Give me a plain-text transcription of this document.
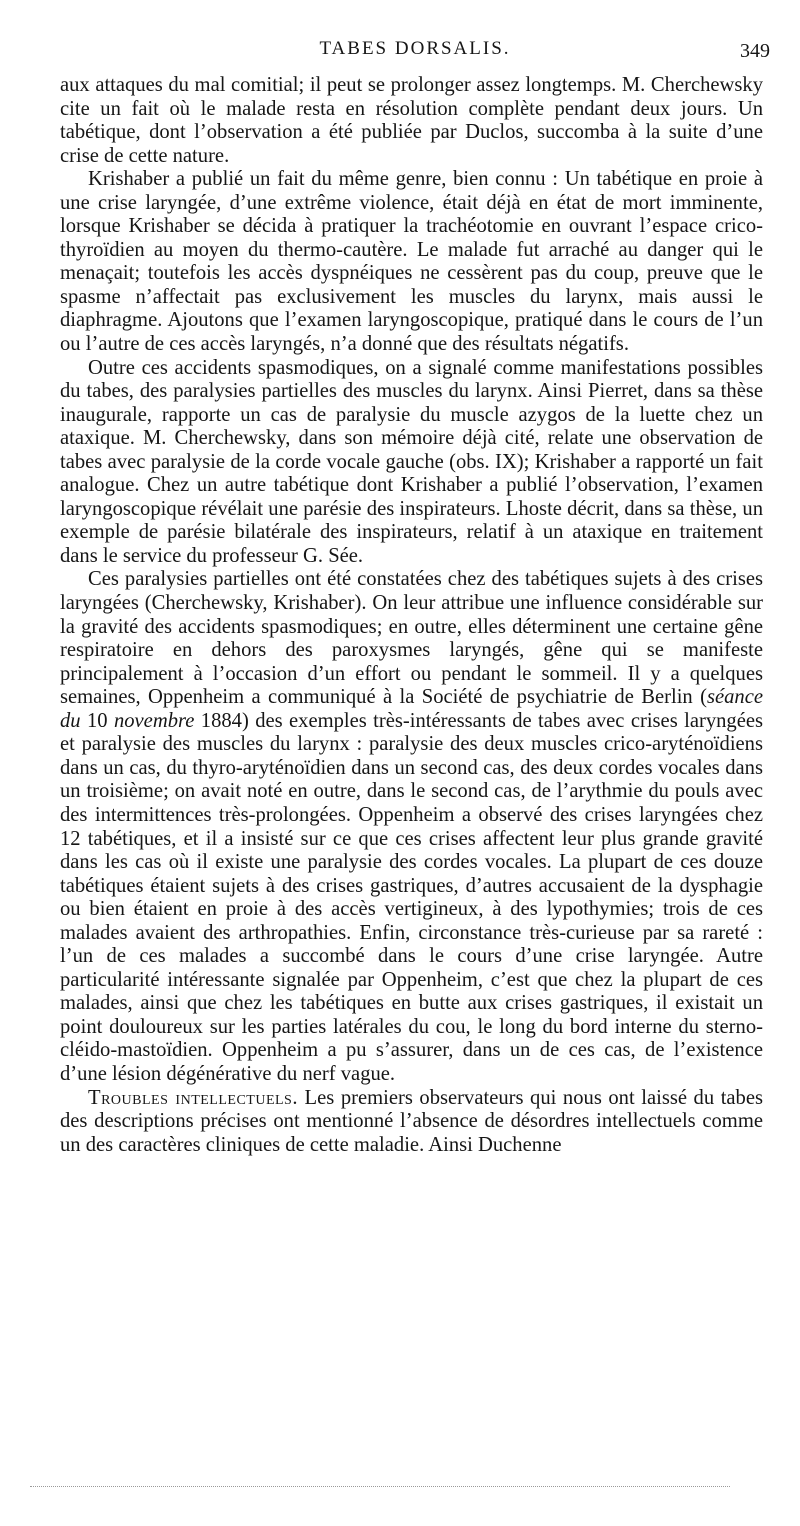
TABES DORSALIS.	349

aux attaques du mal comitial; il peut se prolonger assez longtemps. M. Cherchewsky cite un fait où le malade resta en résolution complète pendant deux jours. Un tabétique, dont l’observation a été publiée par Duclos, succomba à la suite d’une crise de cette nature.

Krishaber a publié un fait du même genre, bien connu : Un tabétique en proie à une crise laryngée, d’une extrême violence, était déjà en état de mort imminente, lorsque Krishaber se décida à pratiquer la trachéotomie en ouvrant l’espace crico-thyroïdien au moyen du thermo-cautère. Le malade fut arraché au danger qui le menaçait; toutefois les accès dyspnéiques ne cessèrent pas du coup, preuve que le spasme n’affectait pas exclusivement les muscles du larynx, mais aussi le diaphragme. Ajoutons que l’examen laryngoscopique, pratiqué dans le cours de l’un ou l’autre de ces accès laryngés, n’a donné que des résultats négatifs.

Outre ces accidents spasmodiques, on a signalé comme manifestations possibles du tabes, des paralysies partielles des muscles du larynx. Ainsi Pierret, dans sa thèse inaugurale, rapporte un cas de paralysie du muscle azygos de la luette chez un ataxique. M. Cherchewsky, dans son mémoire déjà cité, relate une observation de tabes avec paralysie de la corde vocale gauche (obs. IX); Krishaber a rapporté un fait analogue. Chez un autre tabétique dont Krishaber a publié l’observation, l’examen laryngoscopique révélait une parésie des inspirateurs. Lhoste décrit, dans sa thèse, un exemple de parésie bilatérale des inspirateurs, relatif à un ataxique en traitement dans le service du professeur G. Sée.

Ces paralysies partielles ont été constatées chez des tabétiques sujets à des crises laryngées (Cherchewsky, Krishaber). On leur attribue une influence considérable sur la gravité des accidents spasmodiques; en outre, elles déterminent une certaine gêne respiratoire en dehors des paroxysmes laryngés, gêne qui se manifeste principalement à l’occasion d’un effort ou pendant le sommeil. Il y a quelques semaines, Oppenheim a communiqué à la Société de psychiatrie de Berlin (séance du 10 novembre 1884) des exemples très-intéressants de tabes avec crises laryngées et paralysie des muscles du larynx : paralysie des deux muscles crico-aryténoïdiens dans un cas, du thyro-aryténoïdien dans un second cas, des deux cordes vocales dans un troisième; on avait noté en outre, dans le second cas, de l’arythmie du pouls avec des intermittences très-prolongées. Oppenheim a observé des crises laryngées chez 12 tabétiques, et il a insisté sur ce que ces crises affectent leur plus grande gravité dans les cas où il existe une paralysie des cordes vocales. La plupart de ces douze tabétiques étaient sujets à des crises gastriques, d’autres accusaient de la dysphagie ou bien étaient en proie à des accès vertigineux, à des lypothymies; trois de ces malades avaient des arthropathies. Enfin, circonstance très-curieuse par sa rareté : l’un de ces malades a succombé dans le cours d’une crise laryngée. Autre particularité intéressante signalée par Oppenheim, c’est que chez la plupart de ces malades, ainsi que chez les tabétiques en butte aux crises gastriques, il existait un point douloureux sur les parties latérales du cou, le long du bord interne du sterno-cléido-mastoïdien. Oppenheim a pu s’assurer, dans un de ces cas, de l’existence d’une lésion dégénérative du nerf vague.

Troubles intellectuels. Les premiers observateurs qui nous ont laissé du tabes des descriptions précises ont mentionné l’absence de désordres intellectuels comme un des caractères cliniques de cette maladie. Ainsi Duchenne
